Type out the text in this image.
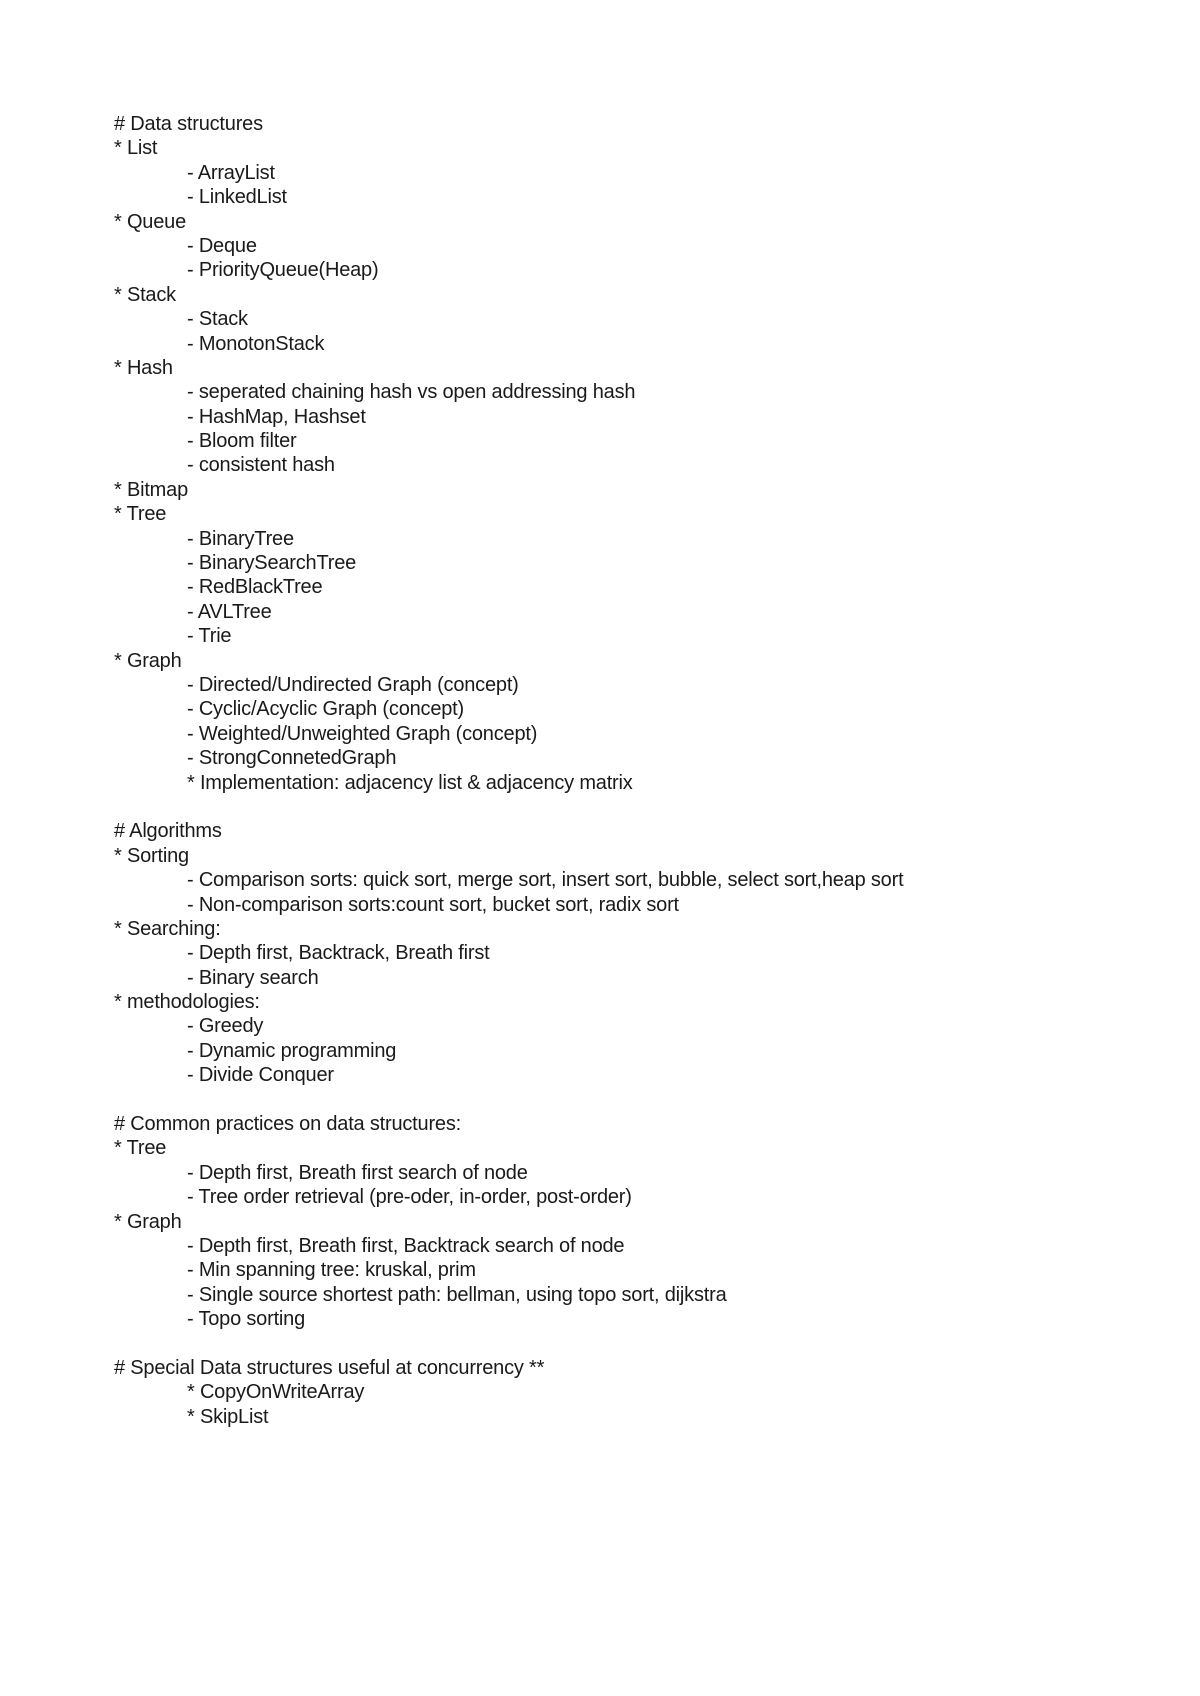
# Data structures
* List
- ArrayList
- LinkedList
* Queue
- Deque
- PriorityQueue(Heap)
* Stack
- Stack
- MonotonStack
* Hash
- seperated chaining hash vs open addressing hash
- HashMap, Hashset
- Bloom filter
- consistent hash
* Bitmap
* Tree
- BinaryTree
- BinarySearchTree
- RedBlackTree
- AVLTree
- Trie
* Graph
- Directed/Undirected Graph (concept)
- Cyclic/Acyclic Graph (concept)
- Weighted/Unweighted Graph (concept)
- StrongConnetedGraph
* Implementation: adjacency list & adjacency matrix
# Algorithms
* Sorting
- Comparison sorts: quick sort, merge sort, insert sort, bubble, select sort,heap sort
- Non-comparison sorts:count sort, bucket sort, radix sort
* Searching:
- Depth first, Backtrack, Breath first
- Binary search
* methodologies:
- Greedy
- Dynamic programming
- Divide Conquer
# Common practices on data structures:
* Tree
- Depth first, Breath first search of node
- Tree order retrieval (pre-oder, in-order, post-order)
* Graph
- Depth first, Breath first, Backtrack search of node
- Min spanning tree: kruskal, prim
- Single source shortest path: bellman, using topo sort, dijkstra
- Topo sorting
# Special Data structures useful at concurrency **
* CopyOnWriteArray
* SkipList
